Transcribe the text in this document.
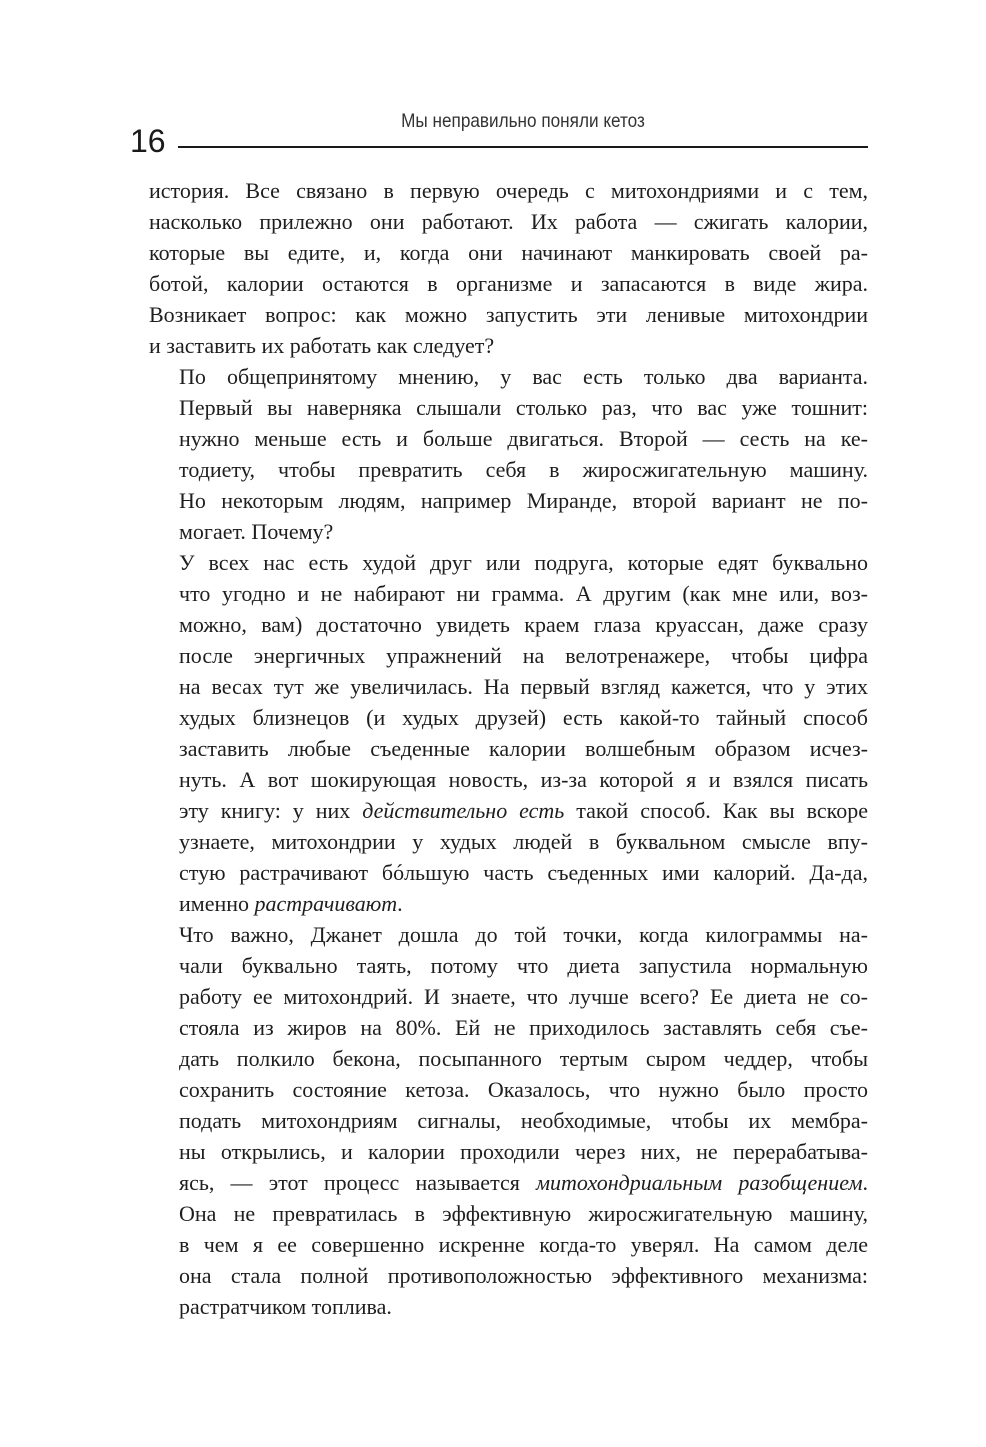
Мы неправильно поняли кетоз
16

история. Все связано в первую очередь с митохондриями и с тем,
насколько прилежно они работают. Их работа — сжигать калории,
которые вы едите, и, когда они начинают манкировать своей ра-
ботой, калории остаются в организме и запасаются в виде жира.
Возникает вопрос: как можно запустить эти ленивые митохондрии
и заставить их работать как следует?

По общепринятому мнению, у вас есть только два варианта.
Первый вы наверняка слышали столько раз, что вас уже тошнит:
нужно меньше есть и больше двигаться. Второй — сесть на ке-
тодиету, чтобы превратить себя в жиросжигательную машину.
Но некоторым людям, например Миранде, второй вариант не по-
могает. Почему?

У всех нас есть худой друг или подруга, которые едят буквально
что угодно и не набирают ни грамма. А другим (как мне или, воз-
можно, вам) достаточно увидеть краем глаза круассан, даже сразу
после энергичных упражнений на велотренажере, чтобы цифра
на весах тут же увеличилась. На первый взгляд кажется, что у этих
худых близнецов (и худых друзей) есть какой-то тайный способ
заставить любые съеденные калории волшебным образом исчез-
нуть. А вот шокирующая новость, из-за которой я и взялся писать
эту книгу: у них действительно есть такой способ. Как вы вскоре
узнаете, митохондрии у худых людей в буквальном смысле впу-
стую растрачивают бóльшую часть съеденных ими калорий. Да-да,
именно растрачивают.

Что важно, Джанет дошла до той точки, когда килограммы на-
чали буквально таять, потому что диета запустила нормальную
работу ее митохондрий. И знаете, что лучше всего? Ее диета не со-
стояла из жиров на 80%. Ей не приходилось заставлять себя съе-
дать полкило бекона, посыпанного тертым сыром чеддер, чтобы
сохранить состояние кетоза. Оказалось, что нужно было просто
подать митохондриям сигналы, необходимые, чтобы их мембра-
ны открылись, и калории проходили через них, не перерабатыва-
ясь, — этот процесс называется митохондриальным разобщением.
Она не превратилась в эффективную жиросжигательную машину,
в чем я ее совершенно искренне когда-то уверял. На самом деле
она стала полной противоположностью эффективного механизма:
растратчиком топлива.
